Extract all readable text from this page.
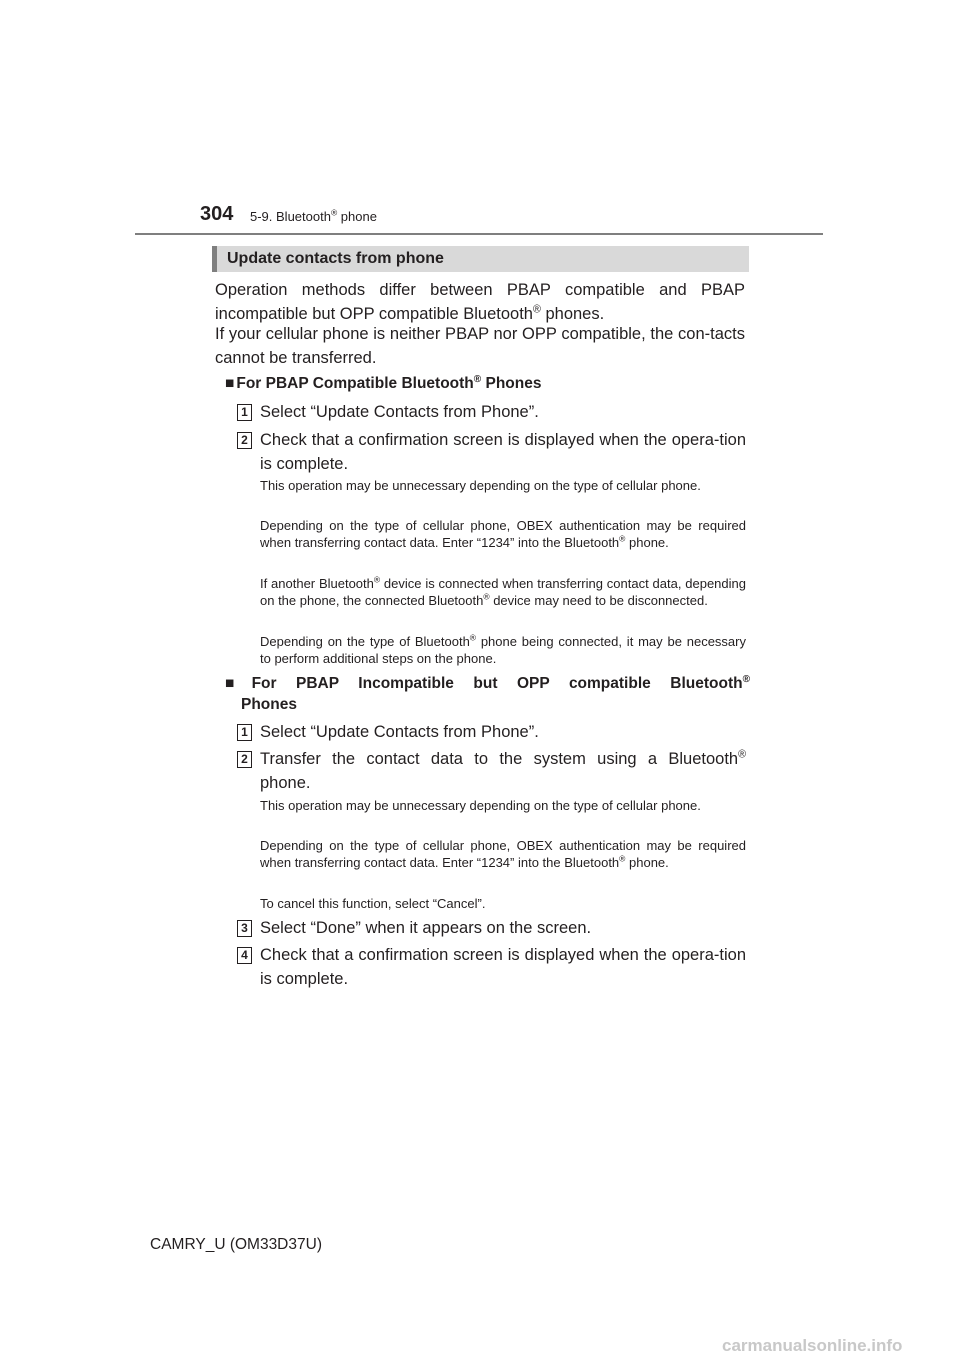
304 5-9. Bluetooth® phone
Update contacts from phone
Operation methods differ between PBAP compatible and PBAP incompatible but OPP compatible Bluetooth® phones.
If your cellular phone is neither PBAP nor OPP compatible, the con-tacts cannot be transferred.
■ For PBAP Compatible Bluetooth® Phones
1 Select “Update Contacts from Phone”.
2 Check that a confirmation screen is displayed when the opera-tion is complete.
This operation may be unnecessary depending on the type of cellular phone.
Depending on the type of cellular phone, OBEX authentication may be required when transferring contact data. Enter “1234” into the Bluetooth® phone.
If another Bluetooth® device is connected when transferring contact data, depending on the phone, the connected Bluetooth® device may need to be disconnected.
Depending on the type of Bluetooth® phone being connected, it may be necessary to perform additional steps on the phone.
■ For PBAP Incompatible but OPP compatible Bluetooth®
Phones
1 Select “Update Contacts from Phone”.
2 Transfer the contact data to the system using a Bluetooth®
phone.
This operation may be unnecessary depending on the type of cellular phone.
Depending on the type of cellular phone, OBEX authentication may be required when transferring contact data. Enter “1234” into the Bluetooth® phone.
To cancel this function, select “Cancel”.
3 Select “Done” when it appears on the screen.
4 Check that a confirmation screen is displayed when the opera-tion is complete.
CAMRY_U (OM33D37U)
carmanualsonline.info
